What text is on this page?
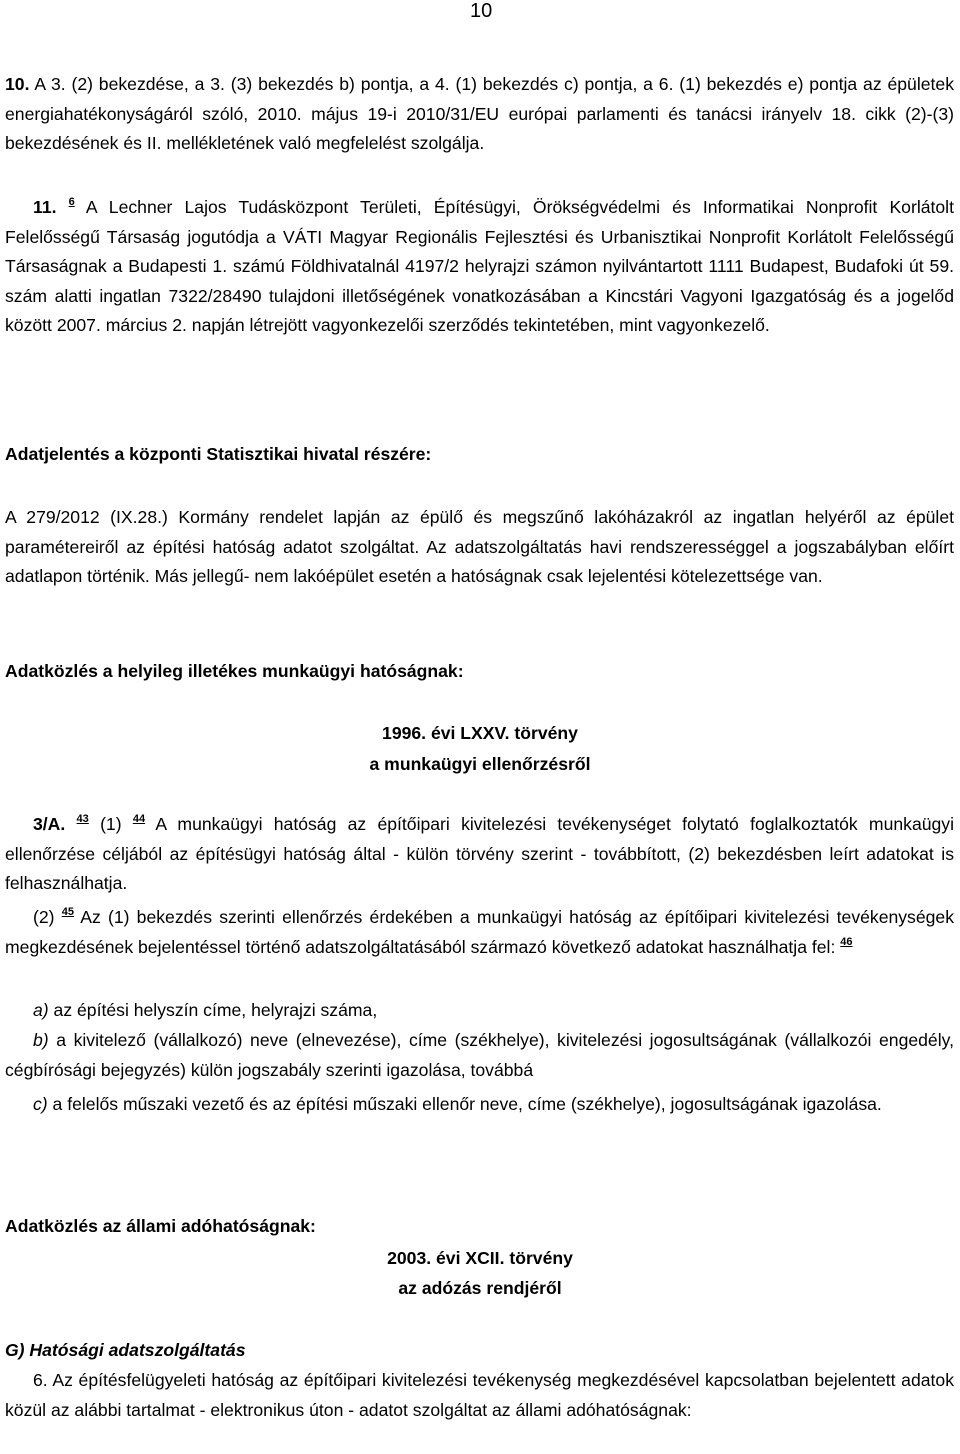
10

10. A 3. (2) bekezdése, a 3. (3) bekezdés b) pontja, a 4. (1) bekezdés c) pontja, a 6. (1) bekezdés e) pontja az épületek energiahatékonyságáról szóló, 2010. május 19-i 2010/31/EU európai parlamenti és tanácsi irányelv 18. cikk (2)-(3) bekezdésének és II. mellékletének való megfelelést szolgálja.

11. $^6$ A Lechner Lajos Tudásközpont Területi, Építésügyi, Örökségvédelmi és Informatikai Nonprofit Korlátolt Felelősségű Társaság jogutódja a VÁTI Magyar Regionális Fejlesztési és Urbanisztikai Nonprofit Korlátolt Felelősségű Társaságnak a Budapesti 1. számú Földhivatalnál 4197/2 helyrajzi számon nyilvántartott 1111 Budapest, Budafoki út 59. szám alatti ingatlan 7322/28490 tulajdoni illetőségének vonatkozásában a Kincstári Vagyoni Igazgatóság és a jogelőd között 2007. március 2. napján létrejött vagyonkezelői szerződés tekintetében, mint vagyonkezelő.

Adatjelentés a központi Statisztikai hivatal részére:

A 279/2012 (IX.28.) Kormány rendelet lapján az épülő és megszűnő lakóházakról az ingatlan helyéről az épület paramétereiről az építési hatóság adatot szolgáltat. Az adatszolgáltatás havi rendszerességgel a jogszabályban előírt adatlapon történik. Más jellegű- nem lakóépület esetén a hatóságnak csak lejelentési kötelezettsége van.

Adatközlés a helyileg illetékes munkaügyi hatóságnak:
1996. évi LXXV. törvény
a munkaügyi ellenőrzésről

3/A. $^{43}$ (1) $^{44}$ A munkaügyi hatóság az építőipari kivitelezési tevékenységet folytató foglalkoztatók munkaügyi ellenőrzése céljából az építésügyi hatóság által - külön törvény szerint - továbbított, (2) bekezdésben leírt adatokat is felhasználhatja.

(2) $^{45}$ Az (1) bekezdés szerinti ellenőrzés érdekében a munkaügyi hatóság az építőipari kivitelezési tevékenységek megkezdésének bejelentéssel történő adatszolgáltatásából származó következő adatokat használhatja fel: $^{46}$

a) az építési helyszín címe, helyrajzi száma,

b) a kivitelező (vállalkozó) neve (elnevezése), címe (székhelye), kivitelezési jogosultságának (vállalkozói engedély, cégbírósági bejegyzés) külön jogszabály szerinti igazolása, továbbá

c) a felelős műszaki vezető és az építési műszaki ellenőr neve, címe (székhelye), jogosultságának igazolása.

Adatközlés az állami adóhatóságnak:
2003. évi XCII. törvény
az adózás rendjéről
G) Hatósági adatszolgáltatás

6. Az építésfelügyeleti hatóság az építőipari kivitelezési tevékenység megkezdésével kapcsolatban bejelentett adatok közül az alábbi tartalmat - elektronikus úton - adatot szolgáltat az állami adóhatóságnak:
